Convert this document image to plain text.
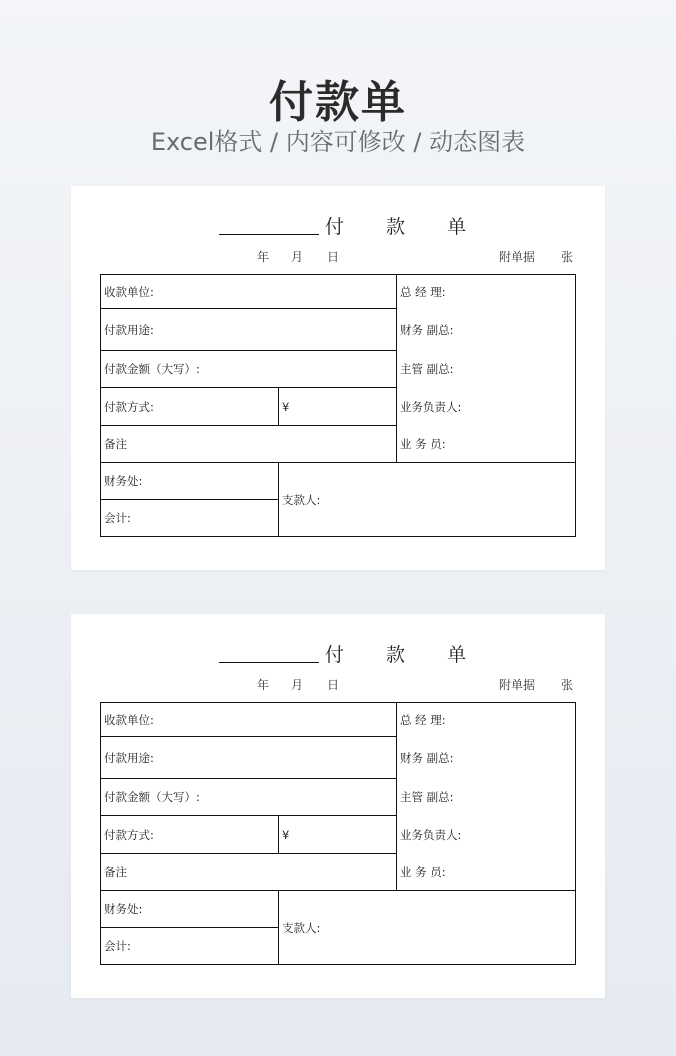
付款单
Excel格式 / 内容可修改 / 动态图表
付 款 单
年 月 日	附单据 张
收款单位:		总 经 理:
付款用途:		财务 副总:
付款金额（大写）:		主管 副总:
付款方式:	¥	业务负责人:
备注		业 务 员:
财务处:	支款人:	
会计:		
付 款 单
年 月 日	附单据 张
收款单位:		总 经 理:
付款用途:		财务 副总:
付款金额（大写）:		主管 副总:
付款方式:	¥	业务负责人:
备注		业 务 员:
财务处:	支款人:	
会计:		
